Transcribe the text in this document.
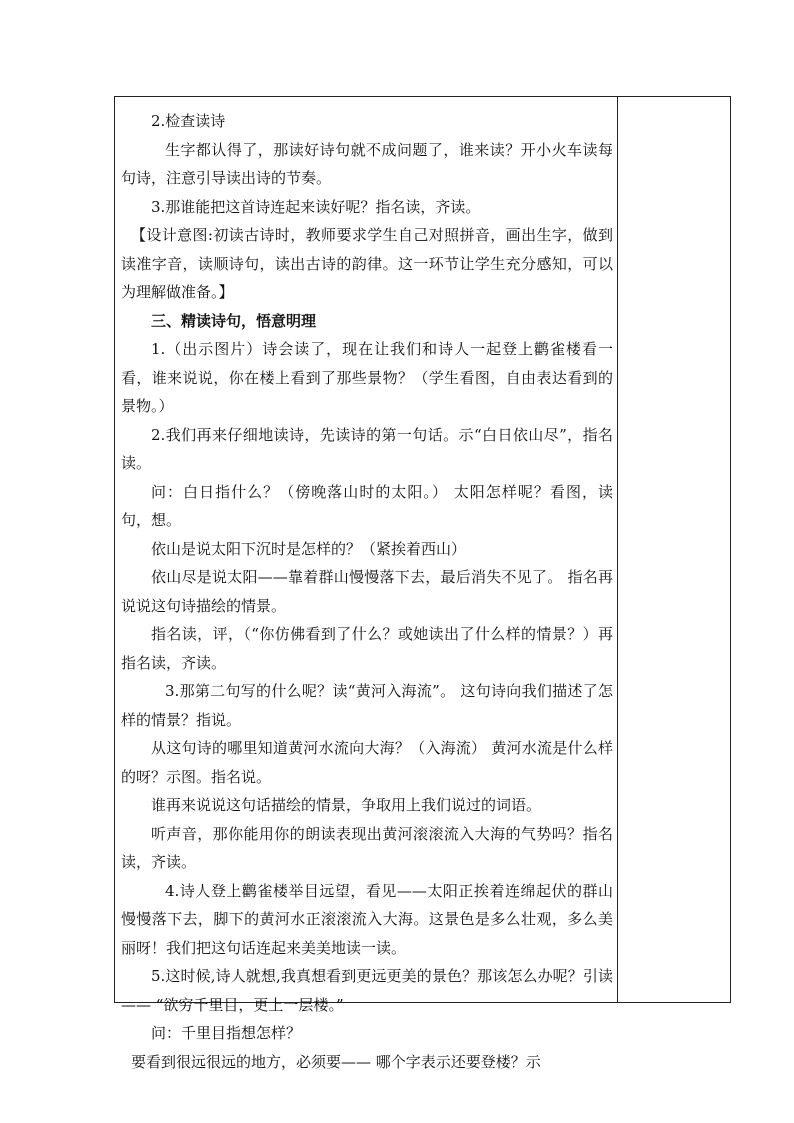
2.检查读诗

生字都认得了，那读好诗句就不成问题了，谁来读？开小火车读每句诗，注意引导读出诗的节奏。

3.那谁能把这首诗连起来读好呢？指名读，齐读。

【设计意图:初读古诗时，教师要求学生自己对照拼音，画出生字，做到读准字音，读顺诗句，读出古诗的韵律。这一环节让学生充分感知，可以为理解做准备。】

三、精读诗句，悟意明理

1.（出示图片）诗会读了，现在让我们和诗人一起登上鹳雀楼看一看，谁来说说，你在楼上看到了那些景物？（学生看图，自由表达看到的景物。）

2.我们再来仔细地读诗，先读诗的第一句话。示“白日依山尽”，指名读。

问：白日指什么？（傍晚落山时的太阳。） 太阳怎样呢？看图，读句，想。

依山是说太阳下沉时是怎样的？（紧挨着西山）

依山尽是说太阳——靠着群山慢慢落下去，最后消失不见了。 指名再说说这句诗描绘的情景。

指名读，评，（“你仿佛看到了什么？或她读出了什么样的情景？）再指名读，齐读。

3.那第二句写的什么呢？读“黄河入海流”。 这句诗向我们描述了怎样的情景？指说。

从这句诗的哪里知道黄河水流向大海？（入海流） 黄河水流是什么样的呀？示图。指名说。

谁再来说说这句话描绘的情景，争取用上我们说过的词语。

听声音，那你能用你的朗读表现出黄河滚滚流入大海的气势吗？指名读，齐读。

4.诗人登上鹳雀楼举目远望，看见——太阳正挨着连绵起伏的群山慢慢落下去，脚下的黄河水正滚滚流入大海。这景色是多么壮观，多么美丽呀！我们把这句话连起来美美地读一读。

5.这时候,诗人就想,我真想看到更远更美的景色？那该怎么办呢？引读—— “欲穷千里目，更上一层楼。”

问：千里目指想怎样？

要看到很远很远的地方，必须要—— 哪个字表示还要登楼？示
